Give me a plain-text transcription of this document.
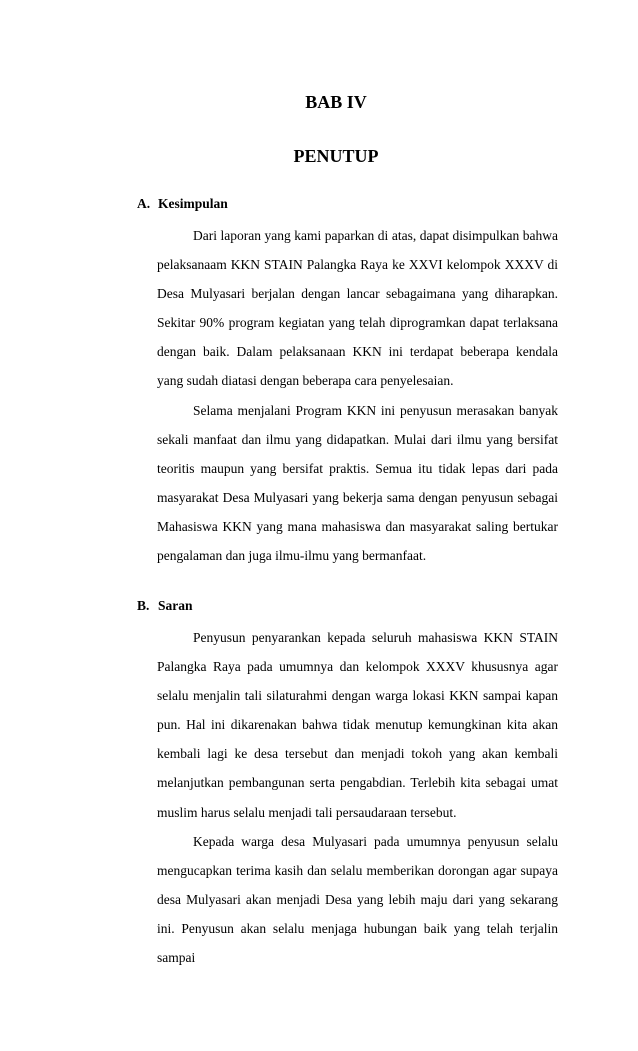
BAB IV
PENUTUP
A. Kesimpulan

Dari laporan yang kami paparkan di atas, dapat disimpulkan bahwa pelaksanaam KKN STAIN Palangka Raya ke XXVI kelompok XXXV di Desa Mulyasari berjalan dengan lancar sebagaimana yang diharapkan. Sekitar 90% program kegiatan yang telah diprogramkan dapat terlaksana dengan baik. Dalam pelaksanaan KKN ini terdapat beberapa kendala yang sudah diatasi dengan beberapa cara penyelesaian.

Selama menjalani Program KKN ini penyusun merasakan banyak sekali manfaat dan ilmu yang didapatkan. Mulai dari ilmu yang bersifat teoritis maupun yang bersifat praktis. Semua itu tidak lepas dari pada masyarakat Desa Mulyasari yang bekerja sama dengan penyusun sebagai Mahasiswa KKN yang mana mahasiswa dan masyarakat saling bertukar pengalaman dan juga ilmu-ilmu yang bermanfaat.

B. Saran

Penyusun penyarankan kepada seluruh mahasiswa KKN STAIN Palangka Raya pada umumnya dan kelompok XXXV khususnya agar selalu menjalin tali silaturahmi dengan warga lokasi KKN sampai kapan pun. Hal ini dikarenakan bahwa tidak menutup kemungkinan kita akan kembali lagi ke desa tersebut dan menjadi tokoh yang akan kembali melanjutkan pembangunan serta pengabdian. Terlebih kita sebagai umat muslim harus selalu menjadi tali persaudaraan tersebut.

Kepada warga desa Mulyasari pada umumnya penyusun selalu mengucapkan terima kasih dan selalu memberikan dorongan agar supaya desa Mulyasari akan menjadi Desa yang lebih maju dari yang sekarang ini. Penyusun akan selalu menjaga hubungan baik yang telah terjalin sampai
